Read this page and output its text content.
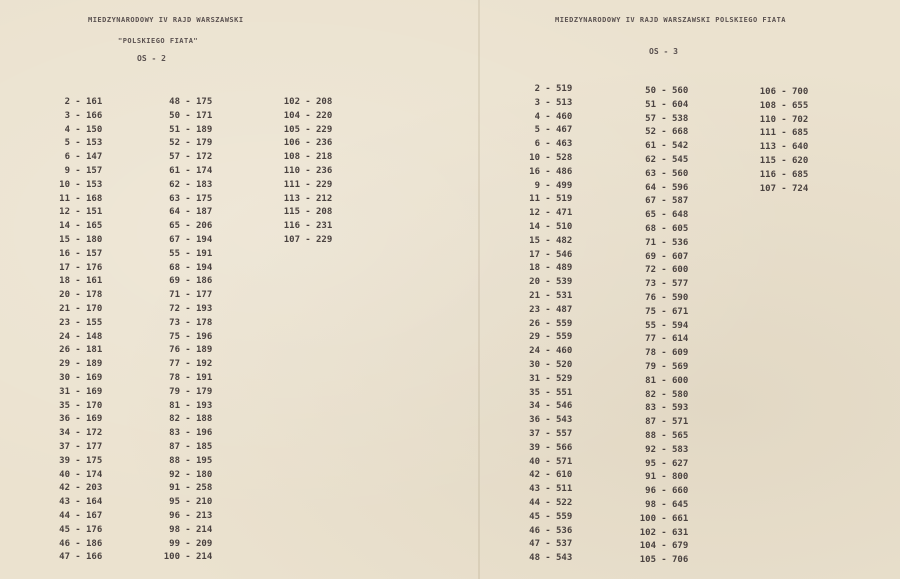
MIEDZYNARODOWY IV RAJD WARSZAWSKI
"POLSKIEGO FIATA"
OS - 2
MIEDZYNARODOWY IV RAJD WARSZAWSKI POLSKIEGO FIATA
OS - 3
2 - 161
3 - 166
4 - 150
5 - 153
6 - 147
9 - 157
10 - 153
11 - 168
12 - 151
14 - 165
15 - 180
16 - 157
17 - 176
18 - 161
20 - 178
21 - 170
23 - 155
24 - 148
26 - 181
29 - 189
30 - 169
31 - 169
35 - 170
36 - 169
34 - 172
37 - 177
39 - 175
40 - 174
42 - 203
43 - 164
44 - 167
45 - 176
46 - 186
47 - 166
48 - 175
50 - 171
51 - 189
52 - 179
57 - 172
61 - 174
62 - 183
63 - 175
64 - 187
65 - 206
67 - 194
55 - 191
68 - 194
69 - 186
71 - 177
72 - 193
73 - 178
75 - 196
76 - 189
77 - 192
78 - 191
79 - 179
81 - 193
82 - 188
83 - 196
87 - 185
88 - 195
92 - 180
91 - 258
95 - 210
96 - 213
98 - 214
99 - 209
100 - 214
102 - 208
104 - 220
105 - 229
106 - 236
108 - 218
110 - 236
111 - 229
113 - 212
115 - 208
116 - 231
107 - 229
2 - 519
3 - 513
4 - 460
5 - 467
6 - 463
10 - 528
16 - 486
9 - 499
11 - 519
12 - 471
14 - 510
15 - 482
17 - 546
18 - 489
20 - 539
21 - 531
23 - 487
26 - 559
29 - 559
24 - 460
30 - 520
31 - 529
35 - 551
34 - 546
36 - 543
37 - 557
39 - 566
40 - 571
42 - 610
43 - 511
44 - 522
45 - 559
46 - 536
47 - 537
48 - 543
50 - 560
51 - 604
57 - 538
52 - 668
61 - 542
62 - 545
63 - 560
64 - 596
67 - 587
65 - 648
68 - 605
71 - 536
69 - 607
72 - 600
73 - 577
76 - 590
75 - 671
55 - 594
77 - 614
78 - 609
79 - 569
81 - 600
82 - 580
83 - 593
87 - 571
88 - 565
92 - 583
95 - 627
91 - 800
96 - 660
98 - 645
100 - 661
102 - 631
104 - 679
105 - 706
106 - 700
108 - 655
110 - 702
111 - 685
113 - 640
115 - 620
116 - 685
107 - 724
